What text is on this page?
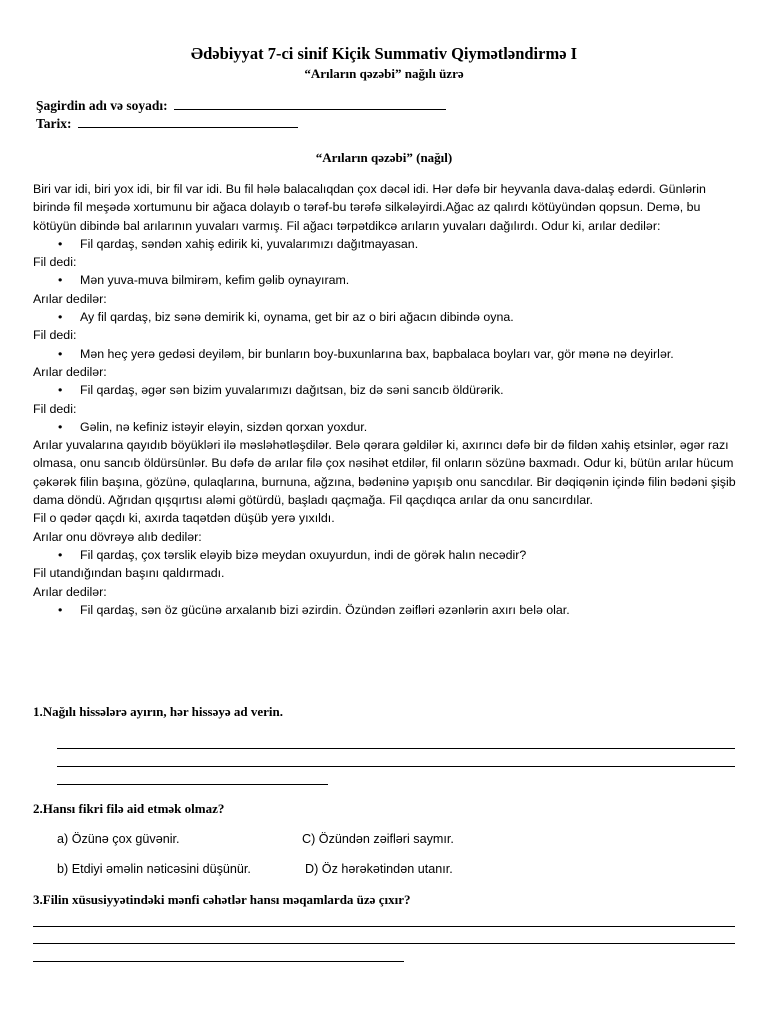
Ədəbiyyat 7-ci sinif Kiçik Summativ Qiymətləndirmə I
“Arıların qəzəbi” nağılı üzrə
Şagirdin adı və soyadı:
Tarix:
“Arıların qəzəbi” (nağıl)

Biri var idi, biri yox idi, bir fil var idi. Bu fil hələ balacalıqdan çox dəcəl idi. Hər dəfə bir heyvanla dava-dalaş edərdi. Günlərin birində fil meşədə xortumunu bir ağaca dolayıb o tərəf-bu tərəfə silkələyirdi.Ağac az qalırdı kötüyündən qopsun. Demə, bu kötüyün dibində bal arılarının yuvaları varmış. Fil ağacı tərpətdikcə arıların yuvaları dağılırdı. Odur ki, arılar dedilər:

• Fil qardaş, səndən xahiş edirik ki, yuvalarımızı dağıtmayasan.

Fil dedi:

• Mən yuva-muva bilmirəm, kefim gəlib oynayıram.

Arılar dedilər:

• Ay fil qardaş, biz sənə demirik ki, oynama, get bir az o biri ağacın dibində oyna.

Fil dedi:

• Mən heç yerə gedəsi deyiləm, bir bunların boy-buxunlarına bax, bapbalaca boyları var, gör mənə nə deyirlər.

Arılar dedilər:

• Fil qardaş, əgər sən bizim yuvalarımızı dağıtsan, biz də səni sancıb öldürərik.

Fil dedi:

• Gəlin, nə kefiniz istəyir eləyin, sizdən qorxan yoxdur.

Arılar yuvalarına qayıdıb böyükləri ilə məsləhətləşdilər. Belə qərara gəldilər ki, axırıncı dəfə bir də fildən xahiş etsinlər, əgər razı olmasa, onu sancıb öldürsünlər. Bu dəfə də arılar filə çox nəsihət etdilər, fil onların sözünə baxmadı. Odur ki, bütün arılar hücum çəkərək filin başına, gözünə, qulaqlarına, burnuna, ağzına, bədəninə yapışıb onu sancdılar. Bir dəqiqənin içində filin bədəni şişib dama döndü. Ağrıdan qışqırtısı aləmi götürdü, başladı qaçmağa. Fil qaçdıqca arılar da onu sancırdılar.

Fil o qədər qaçdı ki, axırda taqətdən düşüb yerə yıxıldı.

Arılar onu dövrəyə alıb dedilər:

• Fil qardaş, çox tərslik eləyib bizə meydan oxuyurdun, indi de görək halın necədir?

Fil utandığından başını qaldırmadı.

Arılar dedilər:

• Fil qardaş, sən öz gücünə arxalanıb bizi əzirdin. Özündən zəifləri əzənlərin axırı belə olar.
1.Nağılı hissələrə ayırın, hər hissəyə ad verin.
2.Hansı fikri filə aid etmək olmaz?
a) Özünə çox güvənir.	C) Özündən zəifləri saymır.
b) Etdiyi əməlin nəticəsini düşünür.	D) Öz hərəkətindən utanır.
3.Filin xüsusiyyətindəki mənfi cəhətlər hansı məqamlarda üzə çıxır?
